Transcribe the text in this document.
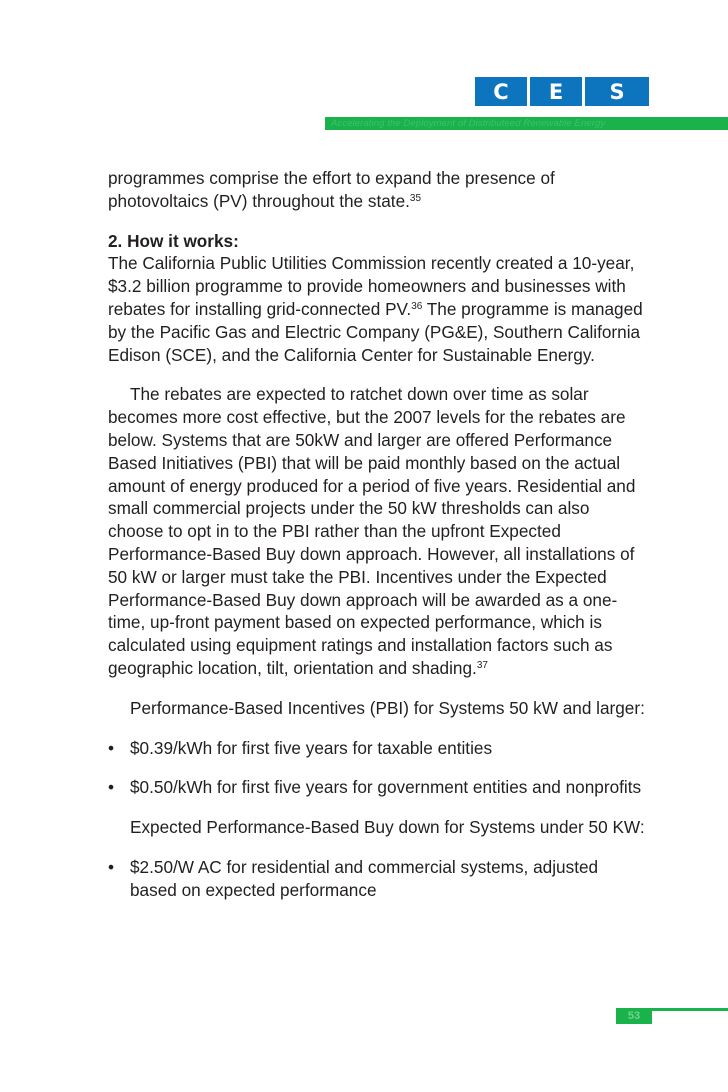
C	E	S
Accelerating the Deployment of Distributeed Renewable Energy

programmes comprise the effort to expand the presence of photovoltaics (PV) throughout the state.$^{35}$

2. How it works:

The California Public Utilities Commission recently created a 10-year, $3.2 billion programme to provide homeowners and businesses with rebates for installing grid-connected PV.$^{36}$ The programme is managed by the Pacific Gas and Electric Company (PG&E), Southern California Edison (SCE), and the California Center for Sustainable Energy.

The rebates are expected to ratchet down over time as solar becomes more cost effective, but the 2007 levels for the rebates are below. Systems that are 50kW and larger are offered Performance Based Initiatives (PBI) that will be paid monthly based on the actual amount of energy produced for a period of five years. Residential and small commercial projects under the 50 kW thresholds can also choose to opt in to the PBI rather than the upfront Expected Performance-Based Buy down approach. However, all installations of 50 kW or larger must take the PBI. Incentives under the Expected Performance-Based Buy down approach will be awarded as a one-time, up-front payment based on expected performance, which is calculated using equipment ratings and installation factors such as geographic location, tilt, orientation and shading.$^{37}$

Performance-Based Incentives (PBI) for Systems 50 kW and larger:

• $0.39/kWh for first five years for taxable entities

• $0.50/kWh for first five years for government entities and nonprofits

Expected Performance-Based Buy down for Systems under 50 KW:

• $2.50/W AC for residential and commercial systems, adjusted based on expected performance

53
